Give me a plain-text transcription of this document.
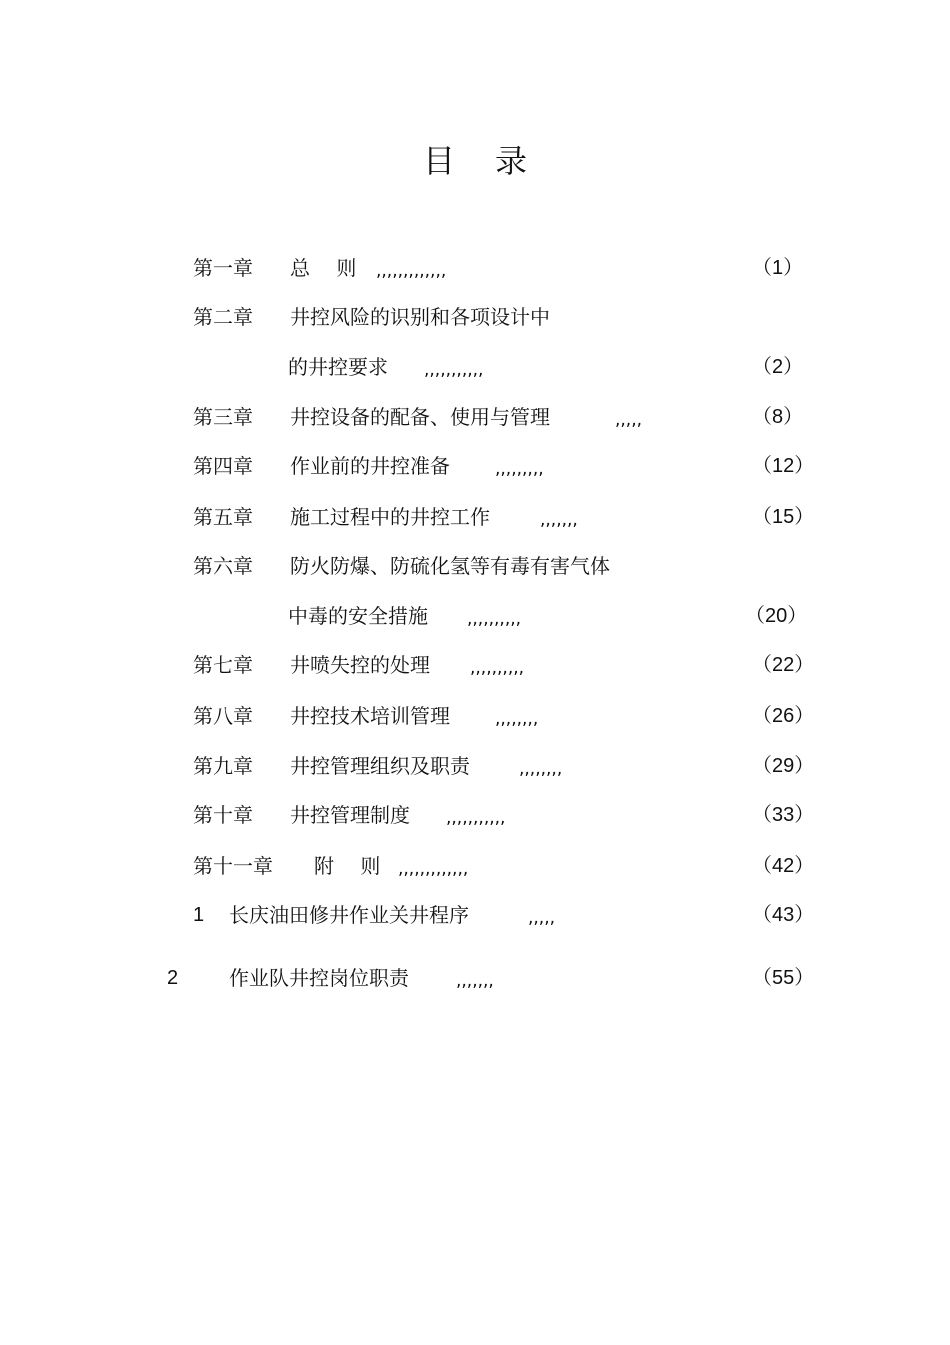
目 录
第一章 总　 则 ,,,,,,,,,,,,,	（1）
第二章 井控风险的识别和各项设计中
的井控要求 ,,,,,,,,,,,	（2）
第三章 井控设备的配备、使用与管理	,,,,,	（8）
第四章 作业前的井控准备	,,,,,,,,,	（12）
第五章 施工过程中的井控工作	,,,,,,,	（15）
第六章 防火防爆、防硫化氢等有毒有害气体
中毒的安全措施 ,,,,,,,,,,	（20）
第七章 井喷失控的处理 ,,,,,,,,,,	（22）
第八章 井控技术培训管理	,,,,,,,,	（26）
第九章 井控管理组织及职责	,,,,,,,,	（29）
第十章 井控管理制度 ,,,,,,,,,,,	（33）
第十一章 附　 则 ,,,,,,,,,,,,,	（42）
1 长庆油田修井作业关井程序	,,,,,	（43）
2	作业队井控岗位职责	,,,,,,,	（55）
